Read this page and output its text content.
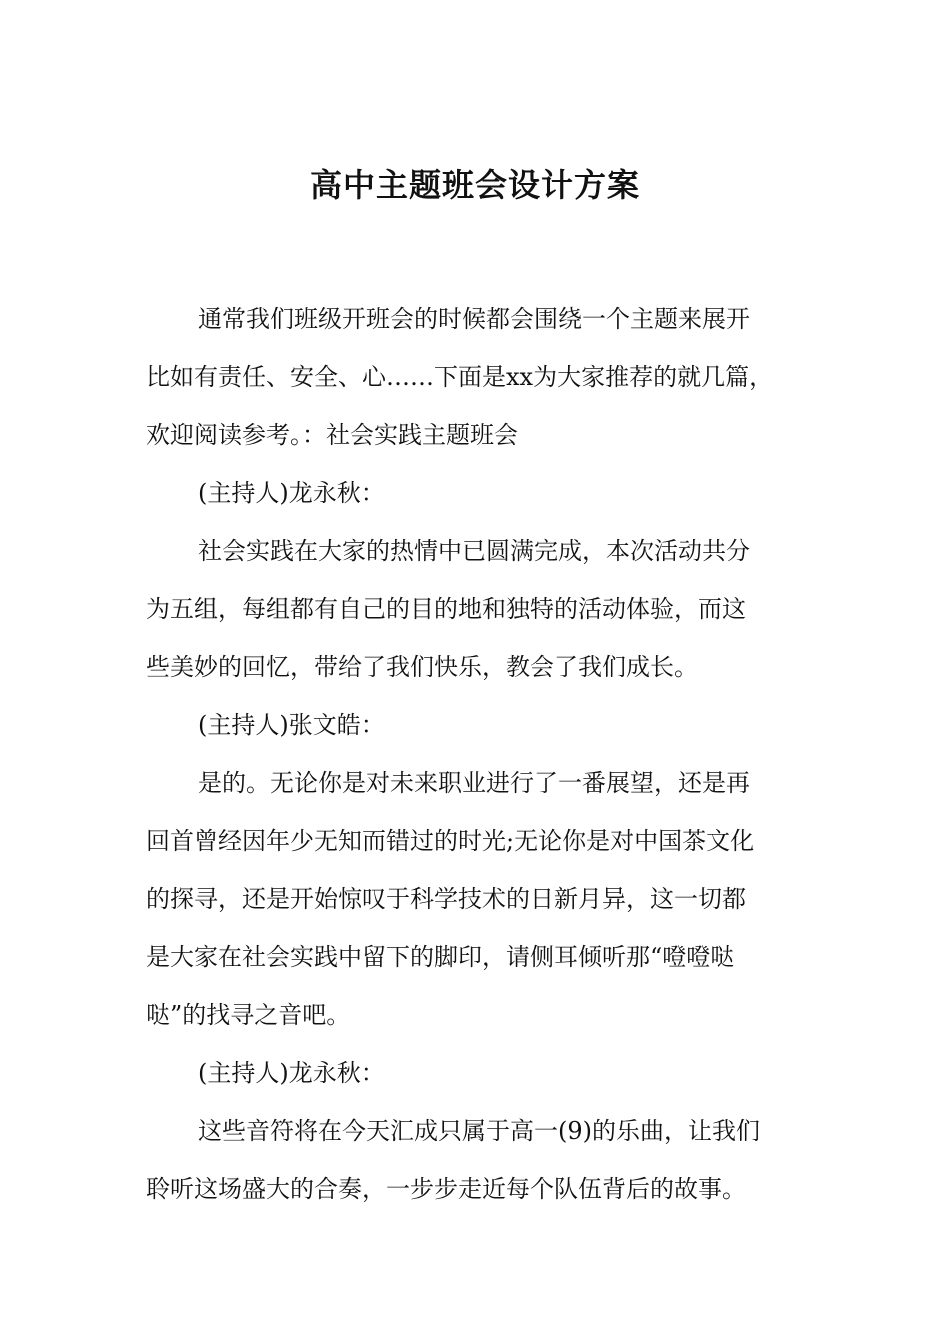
高中主题班会设计方案

通常我们班级开班会的时候都会围绕一个主题来展开
比如有责任、安全、心……下面是xx为大家推荐的就几篇，
欢迎阅读参考。：社会实践主题班会

(主持人)龙永秋：

社会实践在大家的热情中已圆满完成，本次活动共分
为五组，每组都有自己的目的地和独特的活动体验，而这
些美妙的回忆，带给了我们快乐，教会了我们成长。

(主持人)张文皓：

是的。无论你是对未来职业进行了一番展望，还是再
回首曾经因年少无知而错过的时光;无论你是对中国茶文化
的探寻，还是开始惊叹于科学技术的日新月异，这一切都
是大家在社会实践中留下的脚印，请侧耳倾听那“噔噔哒
哒”的找寻之音吧。

(主持人)龙永秋：

这些音符将在今天汇成只属于高一(9)的乐曲，让我们
聆听这场盛大的合奏，一步步走近每个队伍背后的故事。
